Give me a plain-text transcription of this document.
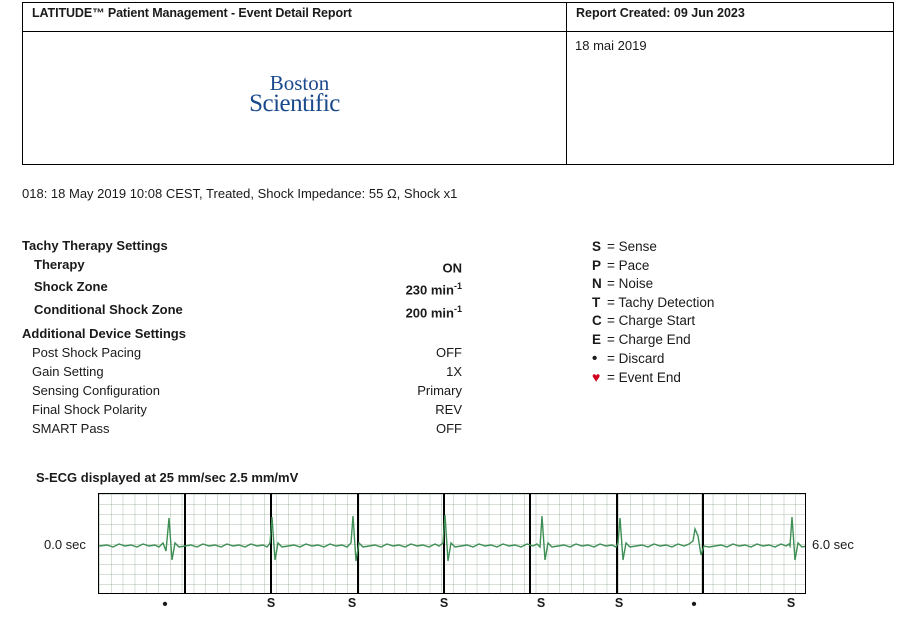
LATITUDE™ Patient Management - Event Detail Report	Report Created: 09 Jun 2023

Boston
Scientific	18 mai 2019
018: 18 May 2019 10:08 CEST, Treated, Shock Impedance: 55 Ω, Shock x1
Tachy Therapy Settings
Therapy	ON
Shock Zone	230 $\min^{-1}$
Conditional Shock Zone	200 $\min^{-1}$
Additional Device Settings
Post Shock Pacing	OFF
Gain Setting	1X
Sensing Configuration	Primary
Final Shock Polarity	REV
SMART Pass	OFF
S = Sense
P = Pace
N = Noise
T = Tachy Detection
C = Charge Start
E = Charge End
• = Discard
♥ = Event End
S-ECG displayed at 25 mm/sec 2.5 mm/mV
0.0 sec	6.0 sec
•	S	S	S	S	S	•	S
